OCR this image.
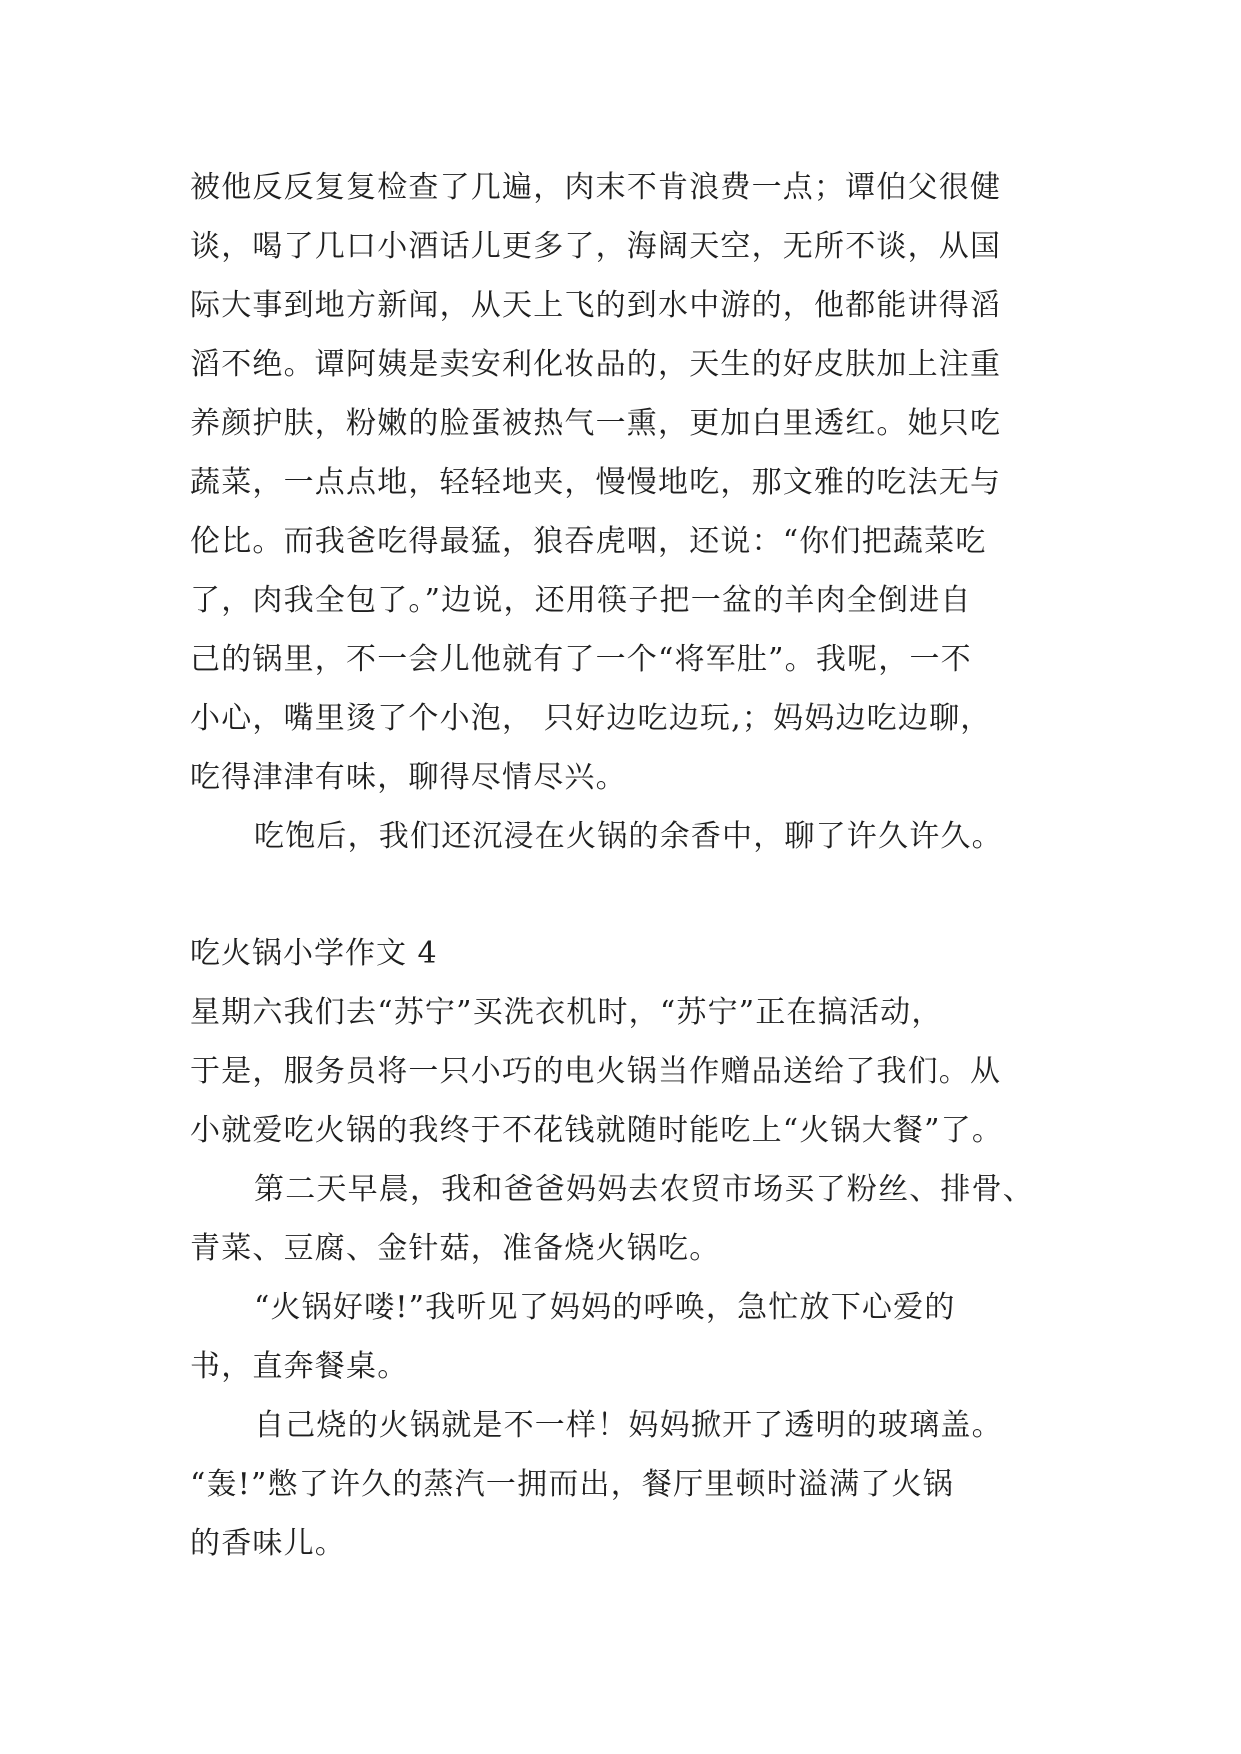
被他反反复复检查了几遍，肉末不肯浪费一点；谭伯父很健
谈，喝了几口小酒话儿更多了，海阔天空，无所不谈，从国
际大事到地方新闻，从天上飞的到水中游的，他都能讲得滔
滔不绝。谭阿姨是卖安利化妆品的，天生的好皮肤加上注重
养颜护肤，粉嫩的脸蛋被热气一熏，更加白里透红。她只吃
蔬菜，一点点地，轻轻地夹，慢慢地吃，那文雅的吃法无与
伦比。而我爸吃得最猛，狼吞虎咽，还说：“你们把蔬菜吃
了，肉我全包了。”边说，还用筷子把一盆的羊肉全倒进自
己的锅里，不一会儿他就有了一个“将军肚”。我呢，一不
小心，嘴里烫了个小泡， 只好边吃边玩,；妈妈边吃边聊，
吃得津津有味，聊得尽情尽兴。
吃饱后，我们还沉浸在火锅的余香中，聊了许久许久。
吃火锅小学作文 4
星期六我们去“苏宁”买洗衣机时，“苏宁”正在搞活动，
于是，服务员将一只小巧的电火锅当作赠品送给了我们。从
小就爱吃火锅的我终于不花钱就随时能吃上“火锅大餐”了。
第二天早晨，我和爸爸妈妈去农贸市场买了粉丝、排骨、
青菜、豆腐、金针菇，准备烧火锅吃。
“火锅好喽!”我听见了妈妈的呼唤，急忙放下心爱的
书，直奔餐桌。
自己烧的火锅就是不一样！妈妈掀开了透明的玻璃盖。
“轰!”憋了许久的蒸汽一拥而出，餐厅里顿时溢满了火锅
的香味儿。
